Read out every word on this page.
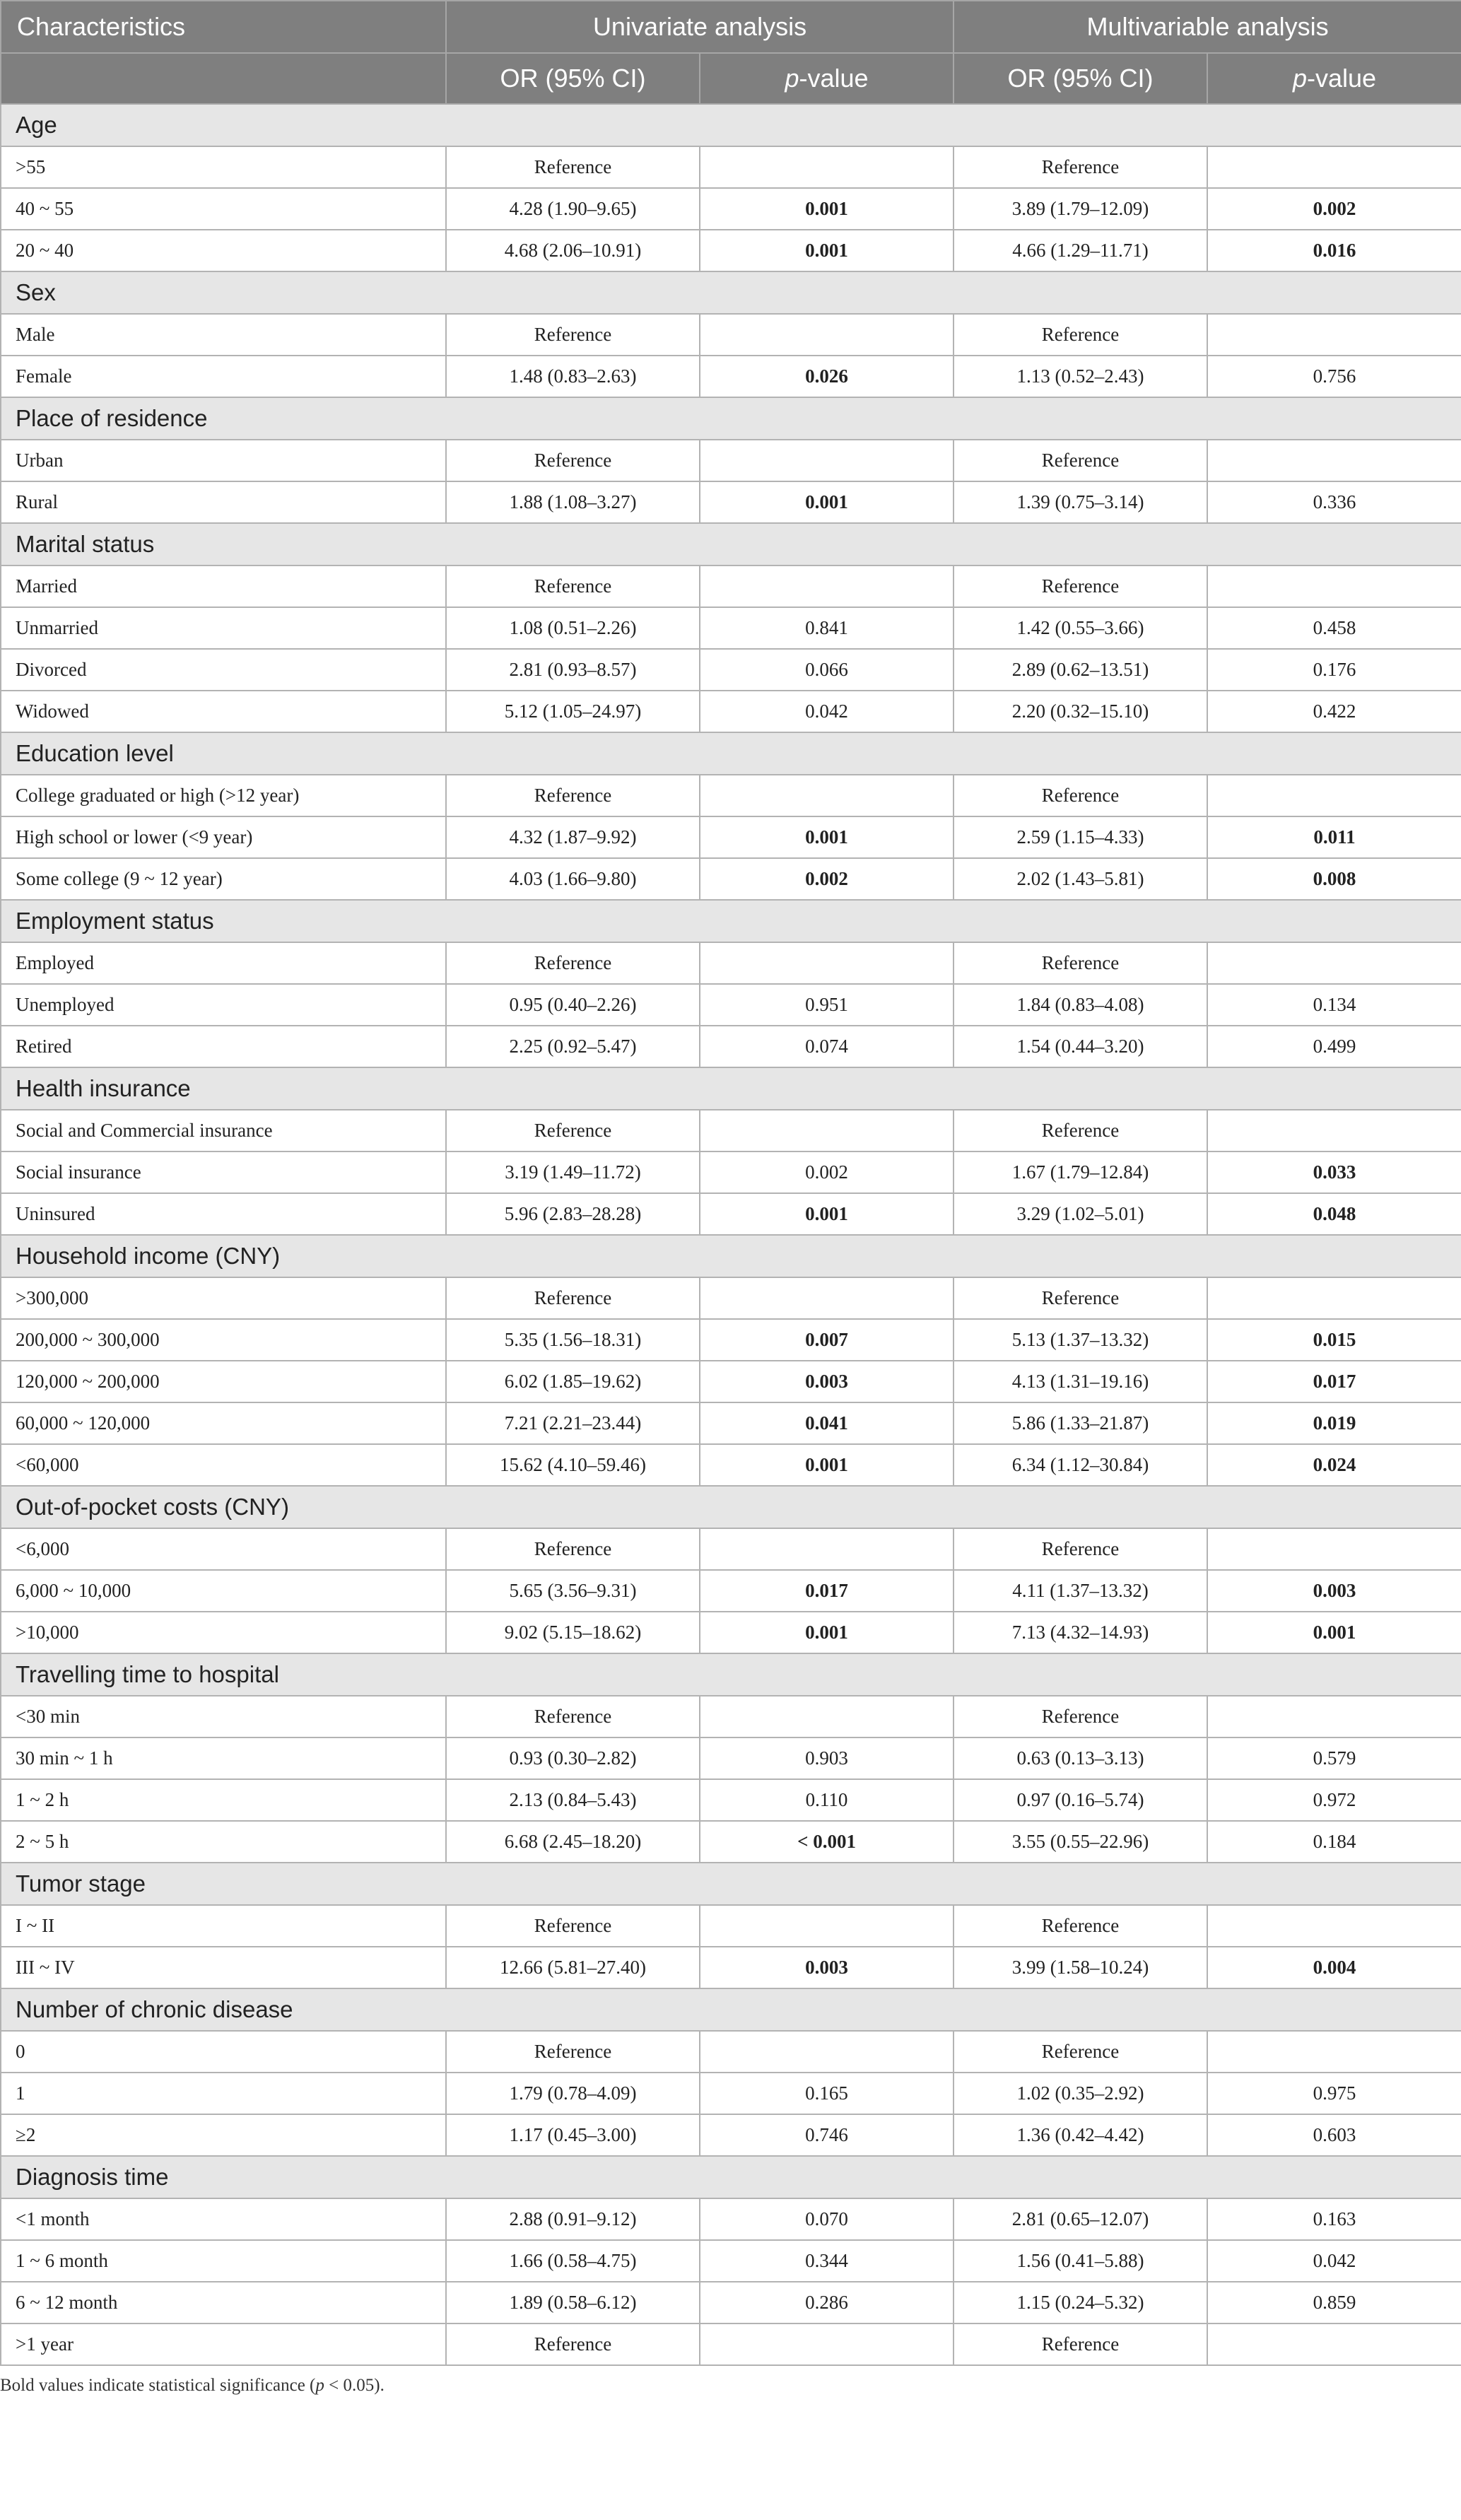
Characteristics	Univariate analysis		Multivariable analysis	
	OR (95% CI)	p-value	OR (95% CI)	p-value
Age				
>55	Reference		Reference	
40 ~ 55	4.28 (1.90–9.65)	0.001	3.89 (1.79–12.09)	0.002
20 ~ 40	4.68 (2.06–10.91)	0.001	4.66 (1.29–11.71)	0.016
Sex				
Male	Reference		Reference	
Female	1.48 (0.83–2.63)	0.026	1.13 (0.52–2.43)	0.756
Place of residence				
Urban	Reference		Reference	
Rural	1.88 (1.08–3.27)	0.001	1.39 (0.75–3.14)	0.336
Marital status				
Married	Reference		Reference	
Unmarried	1.08 (0.51–2.26)	0.841	1.42 (0.55–3.66)	0.458
Divorced	2.81 (0.93–8.57)	0.066	2.89 (0.62–13.51)	0.176
Widowed	5.12 (1.05–24.97)	0.042	2.20 (0.32–15.10)	0.422
Education level				
College graduated or high (>12 year)	Reference		Reference	
High school or lower (<9 year)	4.32 (1.87–9.92)	0.001	2.59 (1.15–4.33)	0.011
Some college (9 ~ 12 year)	4.03 (1.66–9.80)	0.002	2.02 (1.43–5.81)	0.008
Employment status				
Employed	Reference		Reference	
Unemployed	0.95 (0.40–2.26)	0.951	1.84 (0.83–4.08)	0.134
Retired	2.25 (0.92–5.47)	0.074	1.54 (0.44–3.20)	0.499
Health insurance				
Social and Commercial insurance	Reference		Reference	
Social insurance	3.19 (1.49–11.72)	0.002	1.67 (1.79–12.84)	0.033
Uninsured	5.96 (2.83–28.28)	0.001	3.29 (1.02–5.01)	0.048
Household income (CNY)				
>300,000	Reference		Reference	
200,000 ~ 300,000	5.35 (1.56–18.31)	0.007	5.13 (1.37–13.32)	0.015
120,000 ~ 200,000	6.02 (1.85–19.62)	0.003	4.13 (1.31–19.16)	0.017
60,000 ~ 120,000	7.21 (2.21–23.44)	0.041	5.86 (1.33–21.87)	0.019
<60,000	15.62 (4.10–59.46)	0.001	6.34 (1.12–30.84)	0.024
Out-of-pocket costs (CNY)				
<6,000	Reference		Reference	
6,000 ~ 10,000	5.65 (3.56–9.31)	0.017	4.11 (1.37–13.32)	0.003
>10,000	9.02 (5.15–18.62)	0.001	7.13 (4.32–14.93)	0.001
Travelling time to hospital				
<30 min	Reference		Reference	
30 min ~ 1 h	0.93 (0.30–2.82)	0.903	0.63 (0.13–3.13)	0.579
1 ~ 2 h	2.13 (0.84–5.43)	0.110	0.97 (0.16–5.74)	0.972
2 ~ 5 h	6.68 (2.45–18.20)	< 0.001	3.55 (0.55–22.96)	0.184
Tumor stage				
I ~ II	Reference		Reference	
III ~ IV	12.66 (5.81–27.40)	0.003	3.99 (1.58–10.24)	0.004
Number of chronic disease				
0	Reference		Reference	
1	1.79 (0.78–4.09)	0.165	1.02 (0.35–2.92)	0.975
≥2	1.17 (0.45–3.00)	0.746	1.36 (0.42–4.42)	0.603
Diagnosis time				
<1 month	2.88 (0.91–9.12)	0.070	2.81 (0.65–12.07)	0.163
1 ~ 6 month	1.66 (0.58–4.75)	0.344	1.56 (0.41–5.88)	0.042
6 ~ 12 month	1.89 (0.58–6.12)	0.286	1.15 (0.24–5.32)	0.859
>1 year	Reference		Reference	
Bold values indicate statistical significance (p < 0.05).
